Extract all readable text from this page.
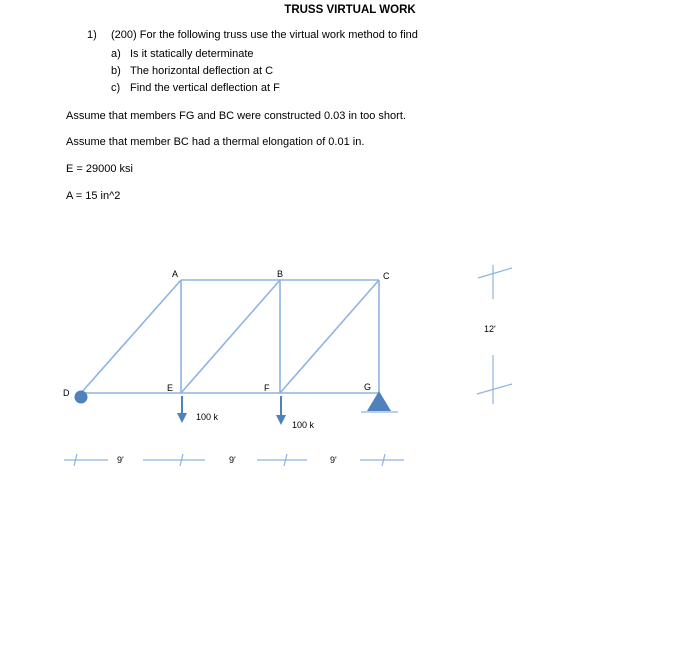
TRUSS VIRTUAL WORK
1) (200) For the following truss use the virtual work method to find
a) Is it statically determinate
b) The horizontal deflection at C
c) Find the vertical deflection at F
Assume that members FG and BC were constructed 0.03 in too short.
Assume that member BC had a thermal elongation of 0.01 in.
E = 29000 ksi
A = 15 in^2
A	B	C
D	E	F	G
100 k
100 k
9'	9'	9'
12'
